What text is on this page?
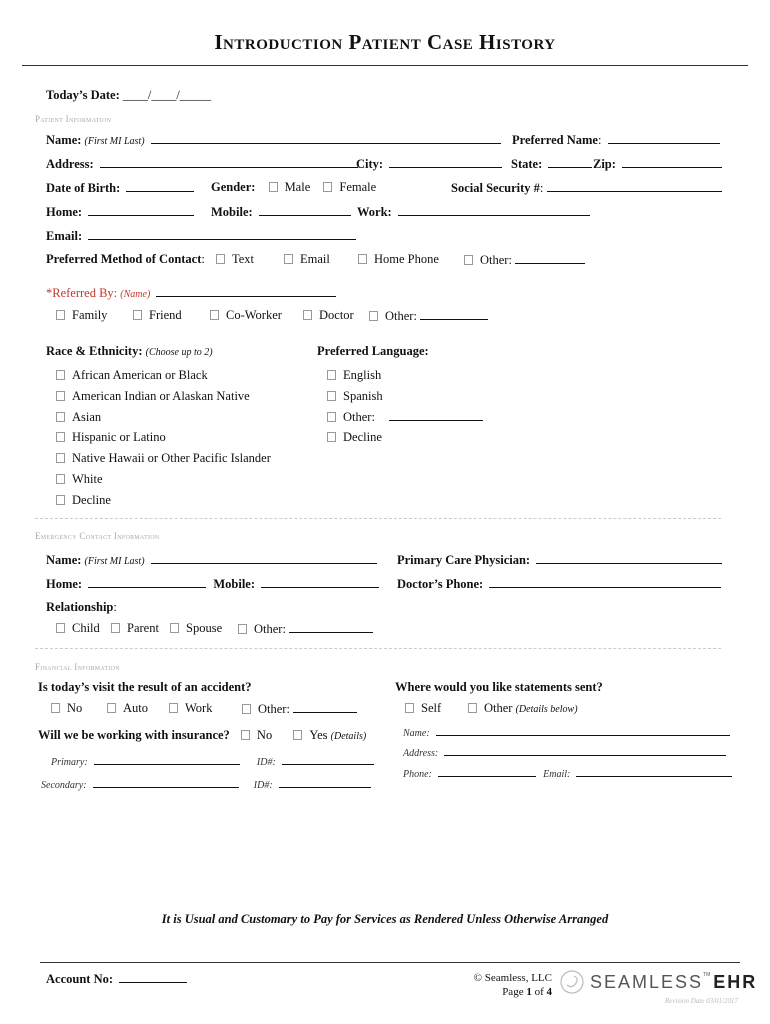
Introduction Patient Case History
Today’s Date: ____/____/_____
Patient Information
Name: (First MI Last)	Preferred Name:
Address:	City:	State:	Zip:
Date of Birth:	Gender: Male Female	Social Security #:
Home:	Mobile:	Work:
Email:
Preferred Method of Contact:	Text	Email	Home Phone	Other:
*Referred By: (Name)
Family	Friend	Co-Worker	Doctor	Other:
Race & Ethnicity: (Choose up to 2)
African American or Black
American Indian or Alaskan Native
Asian
Hispanic or Latino
Native Hawaii or Other Pacific Islander
White
Decline
Preferred Language:
English
Spanish
Other:
Decline
Emergency Contact Information
Name: (First MI Last)	Primary Care Physician:
Home:	Mobile:	Doctor’s Phone:
Relationship:
Child	Parent	Spouse	Other:
Financial Information
Is today’s visit the result of an accident?
No	Auto	Work	Other:
Will we be working with insurance? No	Yes (Details)
Primary:	ID#:
Secondary:	ID#:
Where would you like statements sent?
Self	Other (Details below)
Name:
Address:
Phone:	Email:
It is Usual and Customary to Pay for Services as Rendered Unless Otherwise Arranged
Account No:	© Seamless, LLC
Page 1 of 4 SEAMLESS™ EHR
Revision Date 03/01/2017
